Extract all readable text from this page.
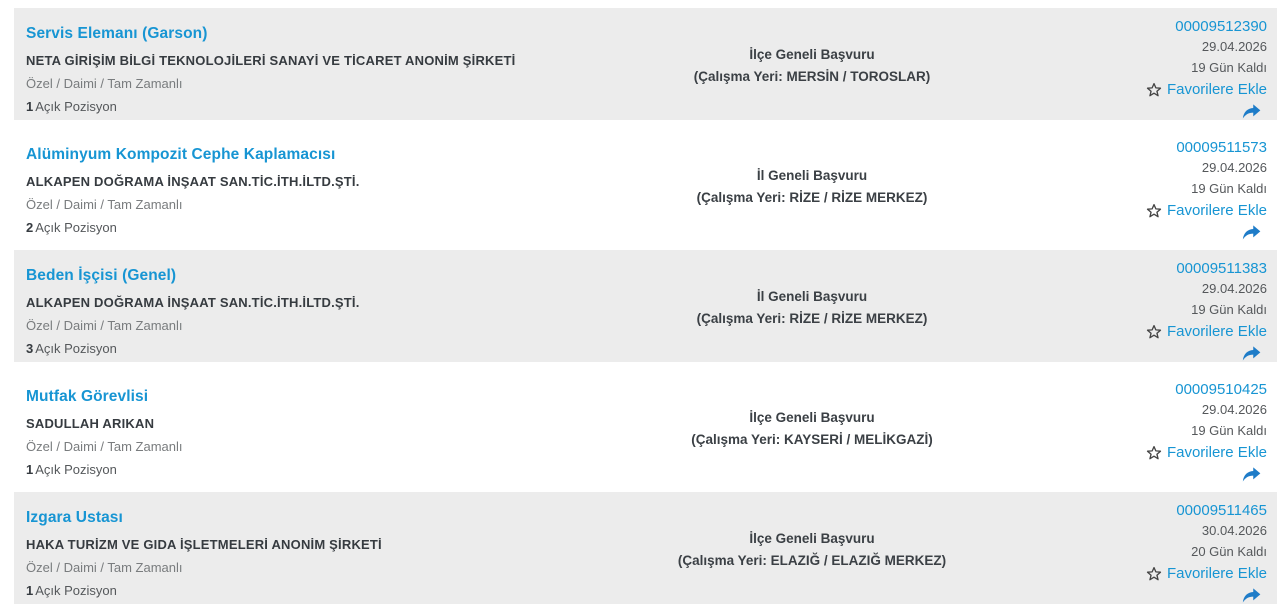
Servis Elemanı (Garson)
NETA GİRİŞİM BİLGİ TEKNOLOJİLERİ SANAYİ VE TİCARET ANONİM ŞİRKETİ
Özel / Daimi / Tam Zamanlı
1 Açık Pozisyon
İlçe Geneli Başvuru
(Çalışma Yeri: MERSİN / TOROSLAR)
00009512390
29.04.2026
19 Gün Kaldı
Favorilere Ekle
Alüminyum Kompozit Cephe Kaplamacısı
ALKAPEN DOĞRAMA İNŞAAT SAN.TİC.İTH.İLTD.ŞTİ.
Özel / Daimi / Tam Zamanlı
2 Açık Pozisyon
İl Geneli Başvuru
(Çalışma Yeri: RİZE / RİZE MERKEZ)
00009511573
29.04.2026
19 Gün Kaldı
Favorilere Ekle
Beden İşçisi (Genel)
ALKAPEN DOĞRAMA İNŞAAT SAN.TİC.İTH.İLTD.ŞTİ.
Özel / Daimi / Tam Zamanlı
3 Açık Pozisyon
İl Geneli Başvuru
(Çalışma Yeri: RİZE / RİZE MERKEZ)
00009511383
29.04.2026
19 Gün Kaldı
Favorilere Ekle
Mutfak Görevlisi
SADULLAH ARIKAN
Özel / Daimi / Tam Zamanlı
1 Açık Pozisyon
İlçe Geneli Başvuru
(Çalışma Yeri: KAYSERİ / MELİKGAZİ)
00009510425
29.04.2026
19 Gün Kaldı
Favorilere Ekle
Izgara Ustası
HAKA TURİZM VE GIDA İŞLETMELERİ ANONİM ŞİRKETİ
Özel / Daimi / Tam Zamanlı
1 Açık Pozisyon
İlçe Geneli Başvuru
(Çalışma Yeri: ELAZIĞ / ELAZIĞ MERKEZ)
00009511465
30.04.2026
20 Gün Kaldı
Favorilere Ekle
